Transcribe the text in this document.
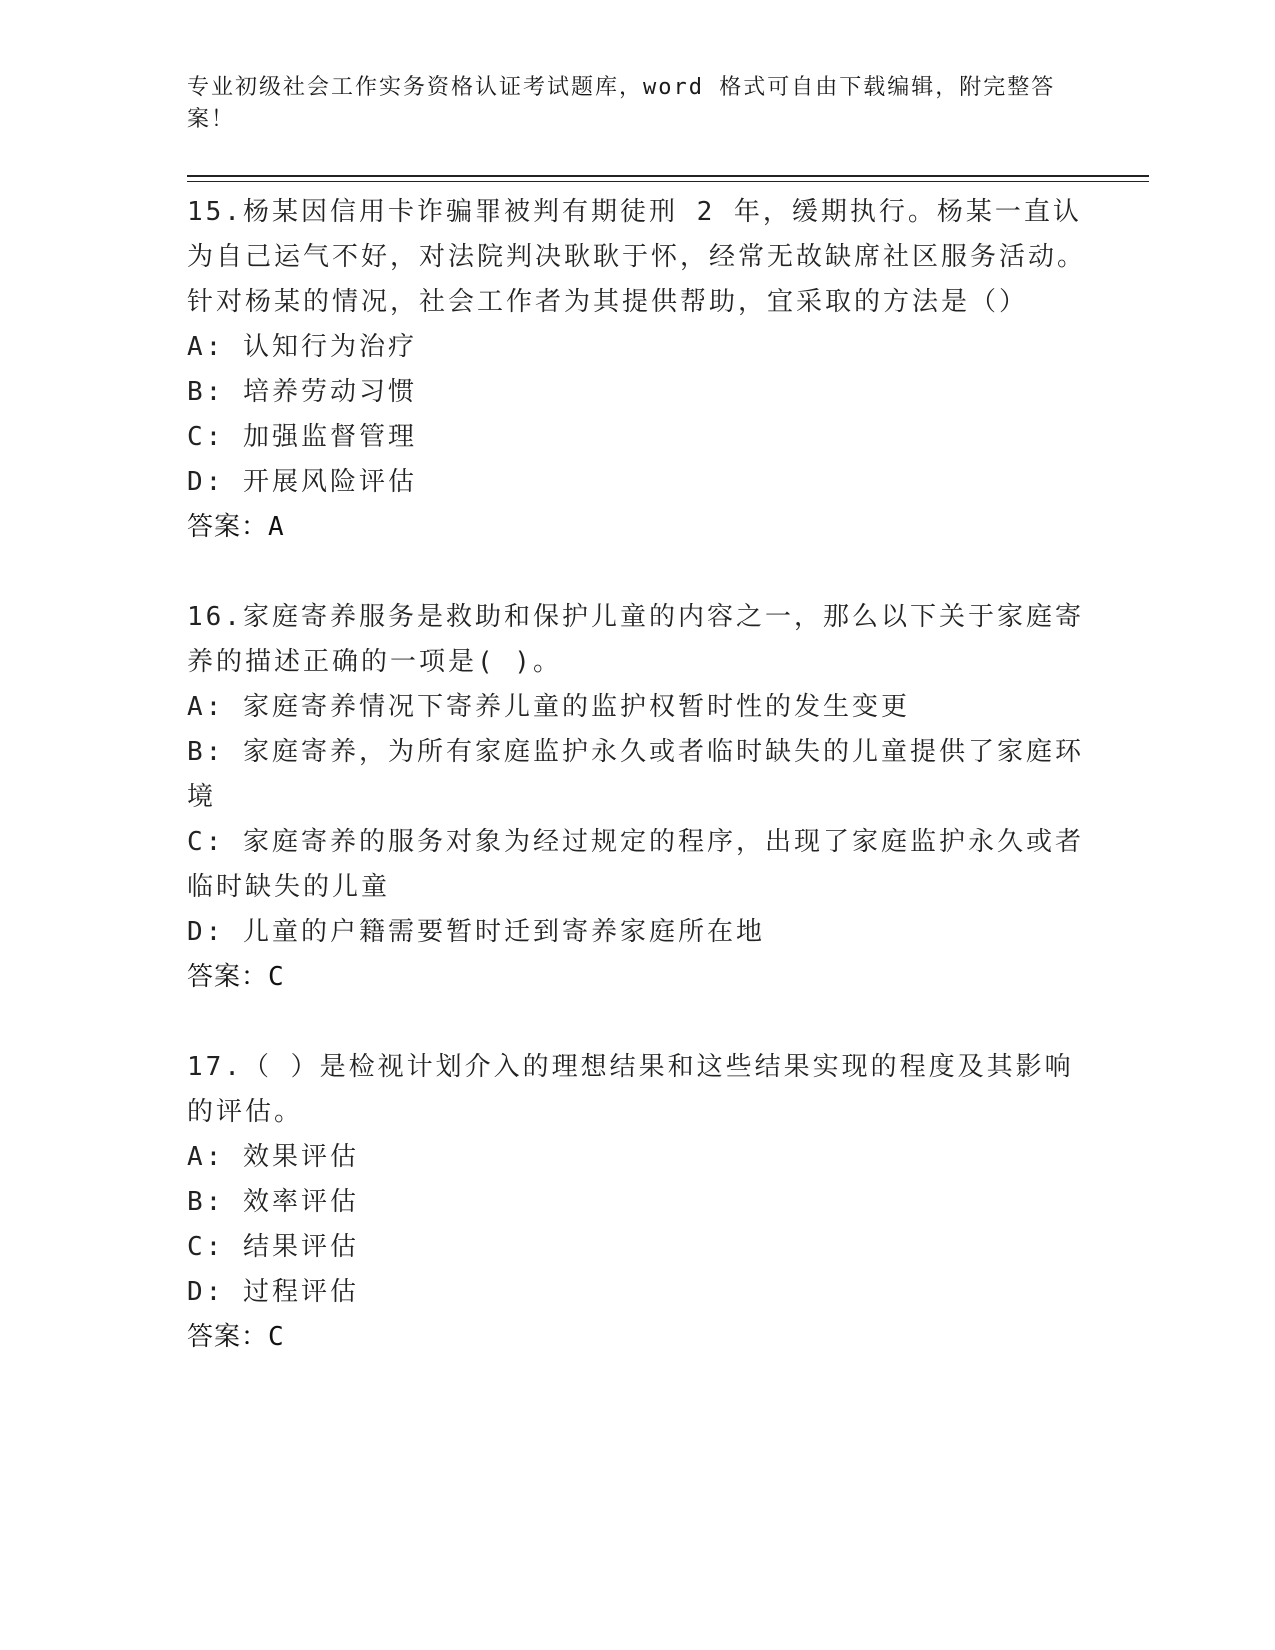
专业初级社会工作实务资格认证考试题库，word 格式可自由下载编辑，附完整答案！
15.杨某因信用卡诈骗罪被判有期徒刑 2 年，缓期执行。杨某一直认为自己运气不好，对法院判决耿耿于怀，经常无故缺席社区服务活动。针对杨某的情况，社会工作者为其提供帮助，宜采取的方法是（）
A: 认知行为治疗
B: 培养劳动习惯
C: 加强监督管理
D: 开展风险评估
答案：A
16.家庭寄养服务是救助和保护儿童的内容之一，那么以下关于家庭寄养的描述正确的一项是( )。
A: 家庭寄养情况下寄养儿童的监护权暂时性的发生变更
B: 家庭寄养，为所有家庭监护永久或者临时缺失的儿童提供了家庭环境
C: 家庭寄养的服务对象为经过规定的程序，出现了家庭监护永久或者临时缺失的儿童
D: 儿童的户籍需要暂时迁到寄养家庭所在地
答案：C
17.（ ）是检视计划介入的理想结果和这些结果实现的程度及其影响的评估。
A: 效果评估
B: 效率评估
C: 结果评估
D: 过程评估
答案：C
